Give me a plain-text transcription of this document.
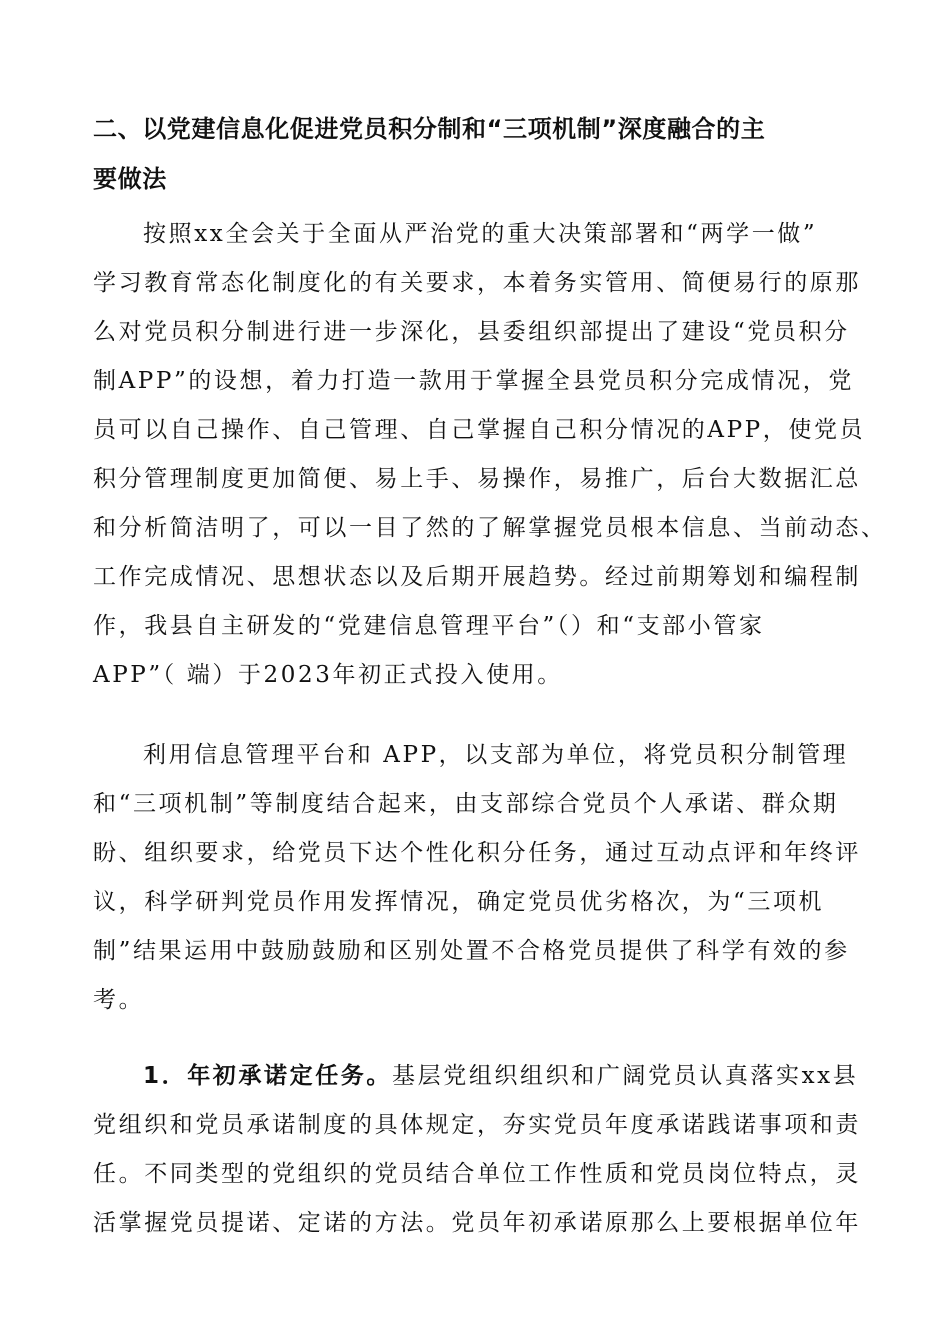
二、以党建信息化促进党员积分制和“三项机制”深度融合的主
要做法

按照xx全会关于全面从严治党的重大决策部署和“两学一做”

学习教育常态化制度化的有关要求，本着务实管用、简便易行的原那

么对党员积分制进行进一步深化，县委组织部提出了建设“党员积分

制APP”的设想，着力打造一款用于掌握全县党员积分完成情况，党

员可以自己操作、自己管理、自己掌握自己积分情况的APP，使党员

积分管理制度更加简便、易上手、易操作，易推广，后台大数据汇总

和分析简洁明了，可以一目了然的了解掌握党员根本信息、当前动态、

工作完成情况、思想状态以及后期开展趋势。经过前期筹划和编程制

作，我县自主研发的“党建信息管理平台”（）和“支部小管家

APP”（ 端）于2023年初正式投入使用。

利用信息管理平台和 APP，以支部为单位，将党员积分制管理

和“三项机制”等制度结合起来，由支部综合党员个人承诺、群众期

盼、组织要求，给党员下达个性化积分任务，通过互动点评和年终评

议，科学研判党员作用发挥情况，确定党员优劣格次，为“三项机

制”结果运用中鼓励鼓励和区别处置不合格党员提供了科学有效的参

考。

1．年初承诺定任务。基层党组织组织和广阔党员认真落实xx县

党组织和党员承诺制度的具体规定，夯实党员年度承诺践诺事项和责

任。不同类型的党组织的党员结合单位工作性质和党员岗位特点，灵

活掌握党员提诺、定诺的方法。党员年初承诺原那么上要根据单位年
